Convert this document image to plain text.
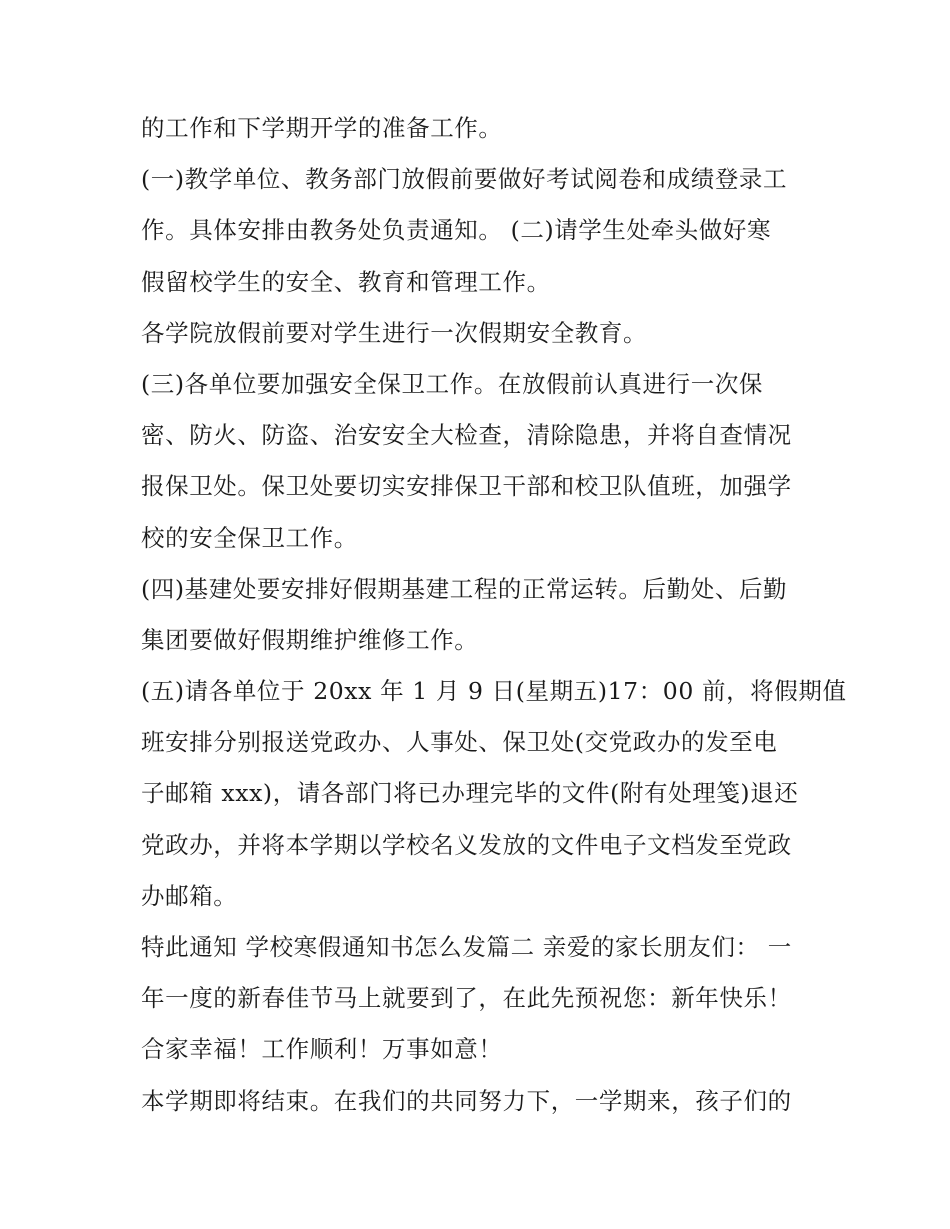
的工作和下学期开学的准备工作。
(一)教学单位、教务部门放假前要做好考试阅卷和成绩登录工
作。具体安排由教务处负责通知。 (二)请学生处牵头做好寒
假留校学生的安全、教育和管理工作。
各学院放假前要对学生进行一次假期安全教育。
(三)各单位要加强安全保卫工作。在放假前认真进行一次保
密、防火、防盗、治安安全大检查，清除隐患，并将自查情况
报保卫处。保卫处要切实安排保卫干部和校卫队值班，加强学
校的安全保卫工作。
(四)基建处要安排好假期基建工程的正常运转。后勤处、后勤
集团要做好假期维护维修工作。
(五)请各单位于 20xx 年 1 月 9 日(星期五)17：00 前，将假期值
班安排分别报送党政办、人事处、保卫处(交党政办的发至电
子邮箱 xxx)，请各部门将已办理完毕的文件(附有处理笺)退还
党政办，并将本学期以学校名义发放的文件电子文档发至党政
办邮箱。
特此通知 学校寒假通知书怎么发篇二 亲爱的家长朋友们： 一
年一度的新春佳节马上就要到了，在此先预祝您：新年快乐！
合家幸福！工作顺利！万事如意！
本学期即将结束。在我们的共同努力下，一学期来，孩子们的
